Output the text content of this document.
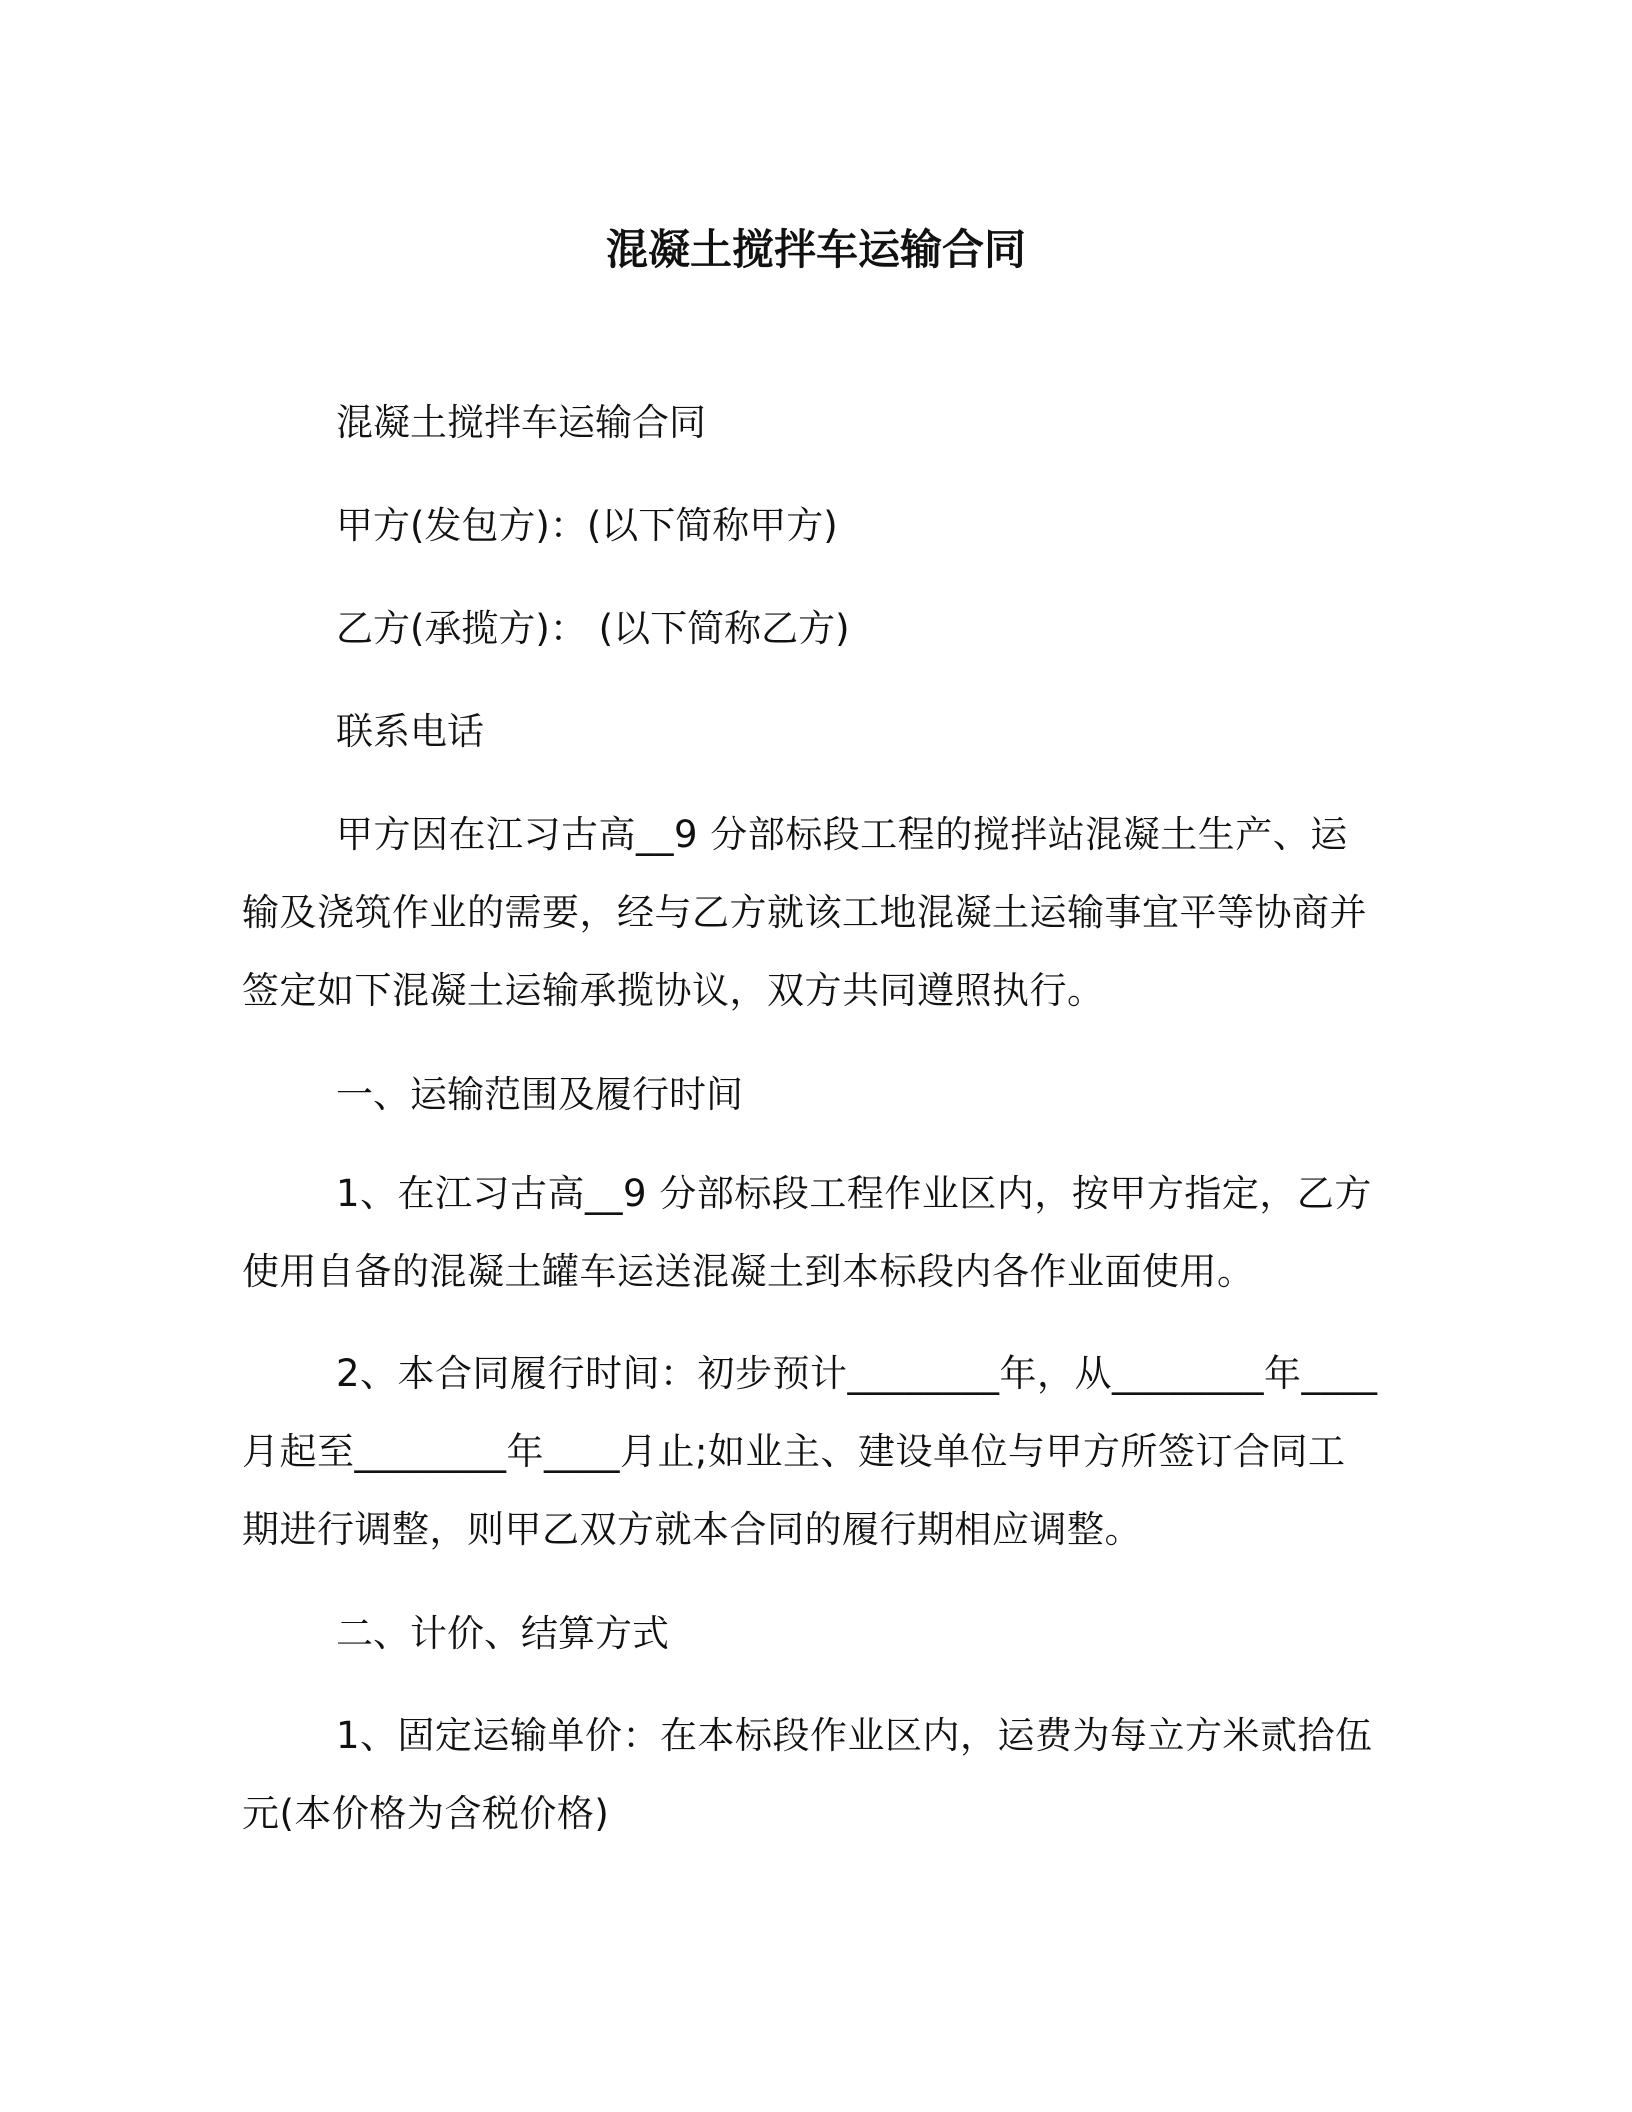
混凝土搅拌车运输合同

混凝土搅拌车运输合同

甲方(发包方)：(以下简称甲方)

乙方(承揽方)： (以下简称乙方)

联系电话

甲方因在江习古高__9 分部标段工程的搅拌站混凝土生产、运输及浇筑作业的需要，经与乙方就该工地混凝土运输事宜平等协商并签定如下混凝土运输承揽协议，双方共同遵照执行。

一、运输范围及履行时间

1、在江习古高__9 分部标段工程作业区内，按甲方指定，乙方使用自备的混凝土罐车运送混凝土到本标段内各作业面使用。

2、本合同履行时间：初步预计________年，从________年____月起至________年____月止;如业主、建设单位与甲方所签订合同工期进行调整，则甲乙双方就本合同的履行期相应调整。

二、计价、结算方式

1、固定运输单价：在本标段作业区内，运费为每立方米贰拾伍元(本价格为含税价格)
